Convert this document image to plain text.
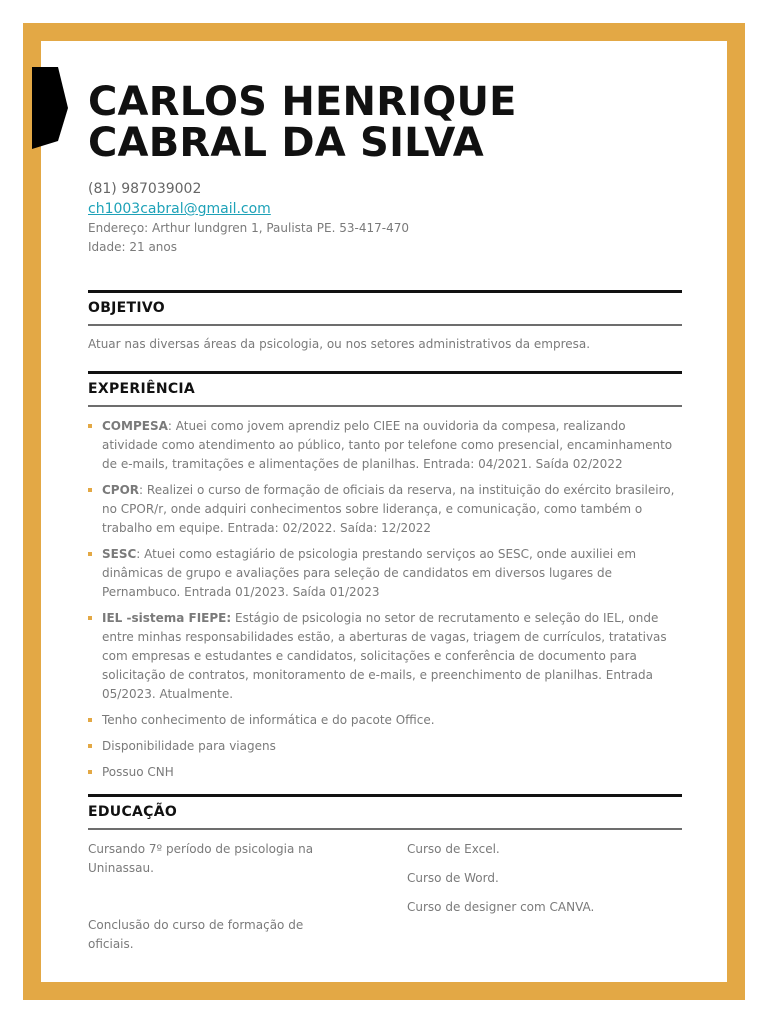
CARLOS HENRIQUE
CABRAL DA SILVA
(81) 987039002
ch1003cabral@gmail.com
Endereço: Arthur lundgren 1, Paulista PE. 53-417-470
Idade: 21 anos
OBJETIVO
Atuar nas diversas áreas da psicologia, ou nos setores administrativos da empresa.
EXPERIÊNCIA
COMPESA: Atuei como jovem aprendiz pelo CIEE na ouvidoria da compesa, realizando atividade como atendimento ao público, tanto por telefone como presencial, encaminhamento de e-mails, tramitações e alimentações de planilhas. Entrada: 04/2021. Saída 02/2022
CPOR: Realizei o curso de formação de oficiais da reserva, na instituição do exército brasileiro, no CPOR/r, onde adquiri conhecimentos sobre liderança, e comunicação, como também o trabalho em equipe. Entrada: 02/2022. Saída: 12/2022
SESC: Atuei como estagiário de psicologia prestando serviços ao SESC, onde auxiliei em dinâmicas de grupo e avaliações para seleção de candidatos em diversos lugares de Pernambuco. Entrada 01/2023. Saída 01/2023
IEL -sistema FIEPE: Estágio de psicologia no setor de recrutamento e seleção do IEL, onde entre minhas responsabilidades estão, a aberturas de vagas, triagem de currículos, tratativas com empresas e estudantes e candidatos, solicitações e conferência de documento para solicitação de contratos, monitoramento de e-mails, e preenchimento de planilhas. Entrada 05/2023. Atualmente.
Tenho conhecimento de informática e do pacote Office.
Disponibilidade para viagens
Possuo CNH
EDUCAÇÃO

Cursando 7º período de psicologia na Uninassau.

Conclusão do curso de formação de oficiais.

Curso de Excel.

Curso de Word.

Curso de designer com CANVA.
